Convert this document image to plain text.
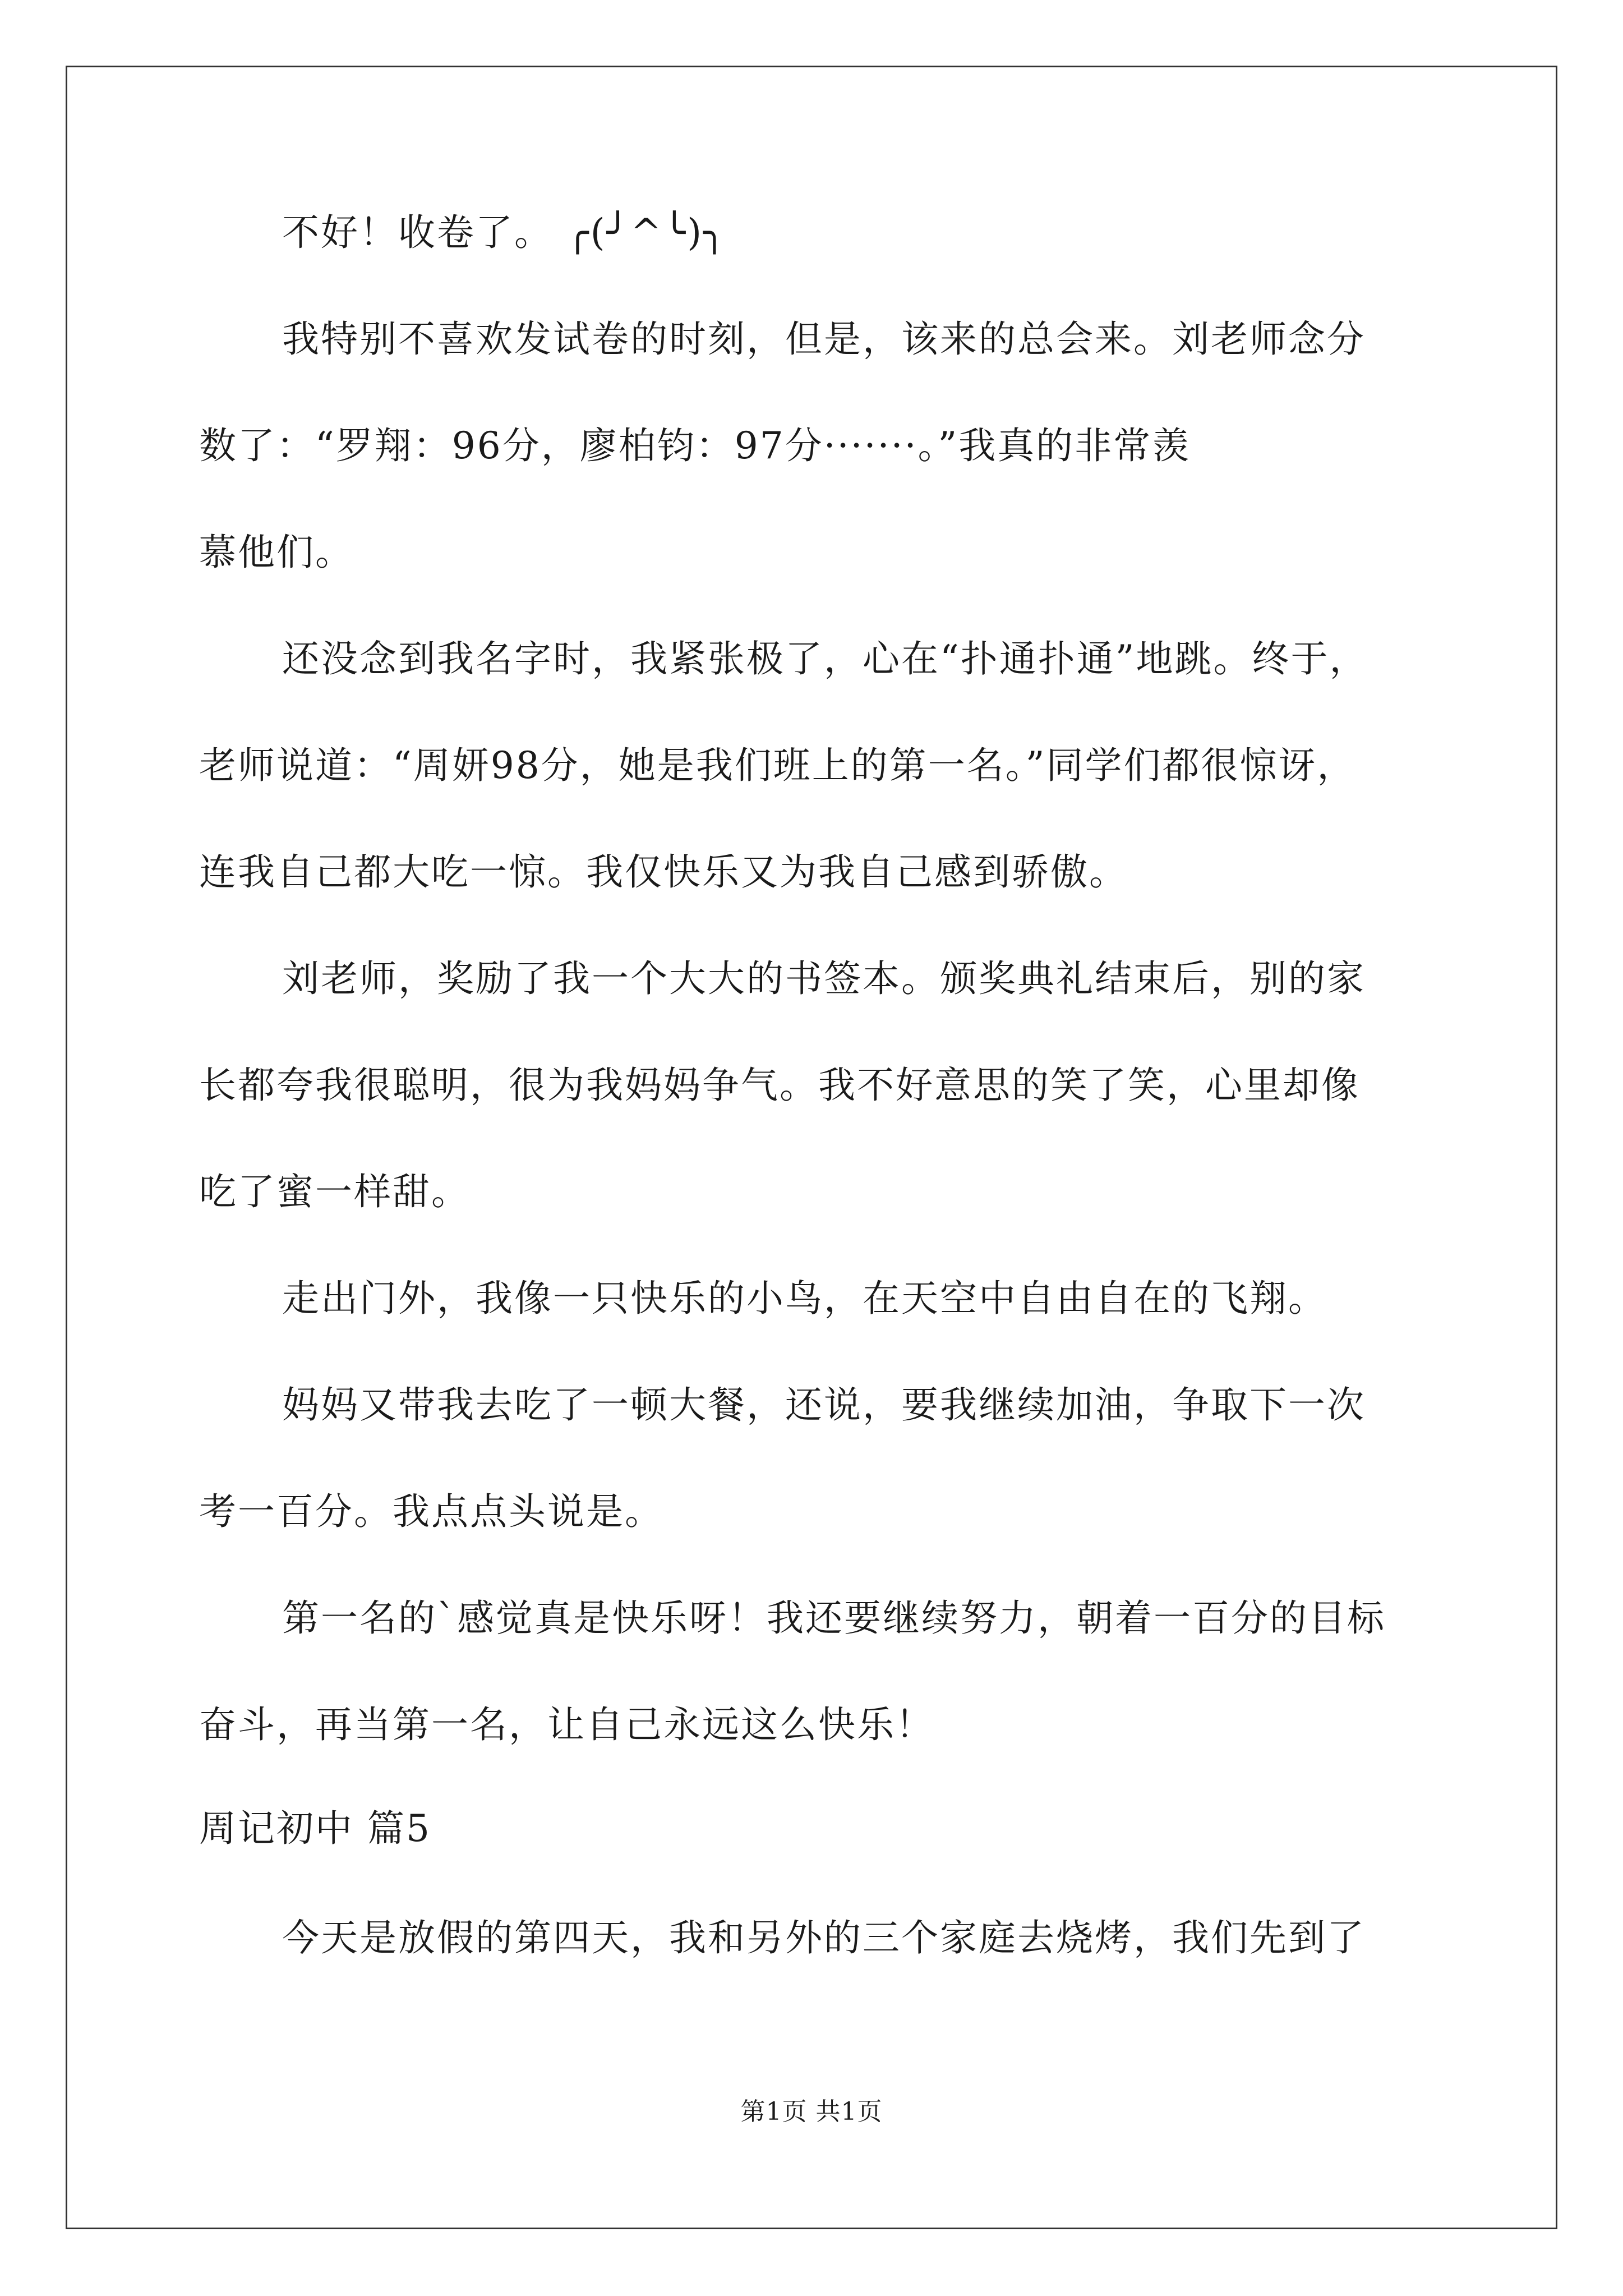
不好！收卷了。 ╭(╯^╰)╮
我特别不喜欢发试卷的时刻，但是，该来的总会来。刘老师念分
数了：“罗翔：96分，廖柏钧：97分·······。”我真的非常羡
慕他们。
还没念到我名字时，我紧张极了，心在“扑通扑通”地跳。终于，
老师说道：“周妍98分，她是我们班上的第一名。”同学们都很惊讶，
连我自己都大吃一惊。我仅快乐又为我自己感到骄傲。
刘老师，奖励了我一个大大的书签本。颁奖典礼结束后，别的家
长都夸我很聪明，很为我妈妈争气。我不好意思的笑了笑，心里却像
吃了蜜一样甜。
走出门外，我像一只快乐的小鸟，在天空中自由自在的飞翔。
妈妈又带我去吃了一顿大餐，还说，要我继续加油，争取下一次
考一百分。我点点头说是。
第一名的`感觉真是快乐呀！我还要继续努力，朝着一百分的目标
奋斗，再当第一名，让自己永远这么快乐！
周记初中 篇5
今天是放假的第四天，我和另外的三个家庭去烧烤，我们先到了
第1页 共1页
